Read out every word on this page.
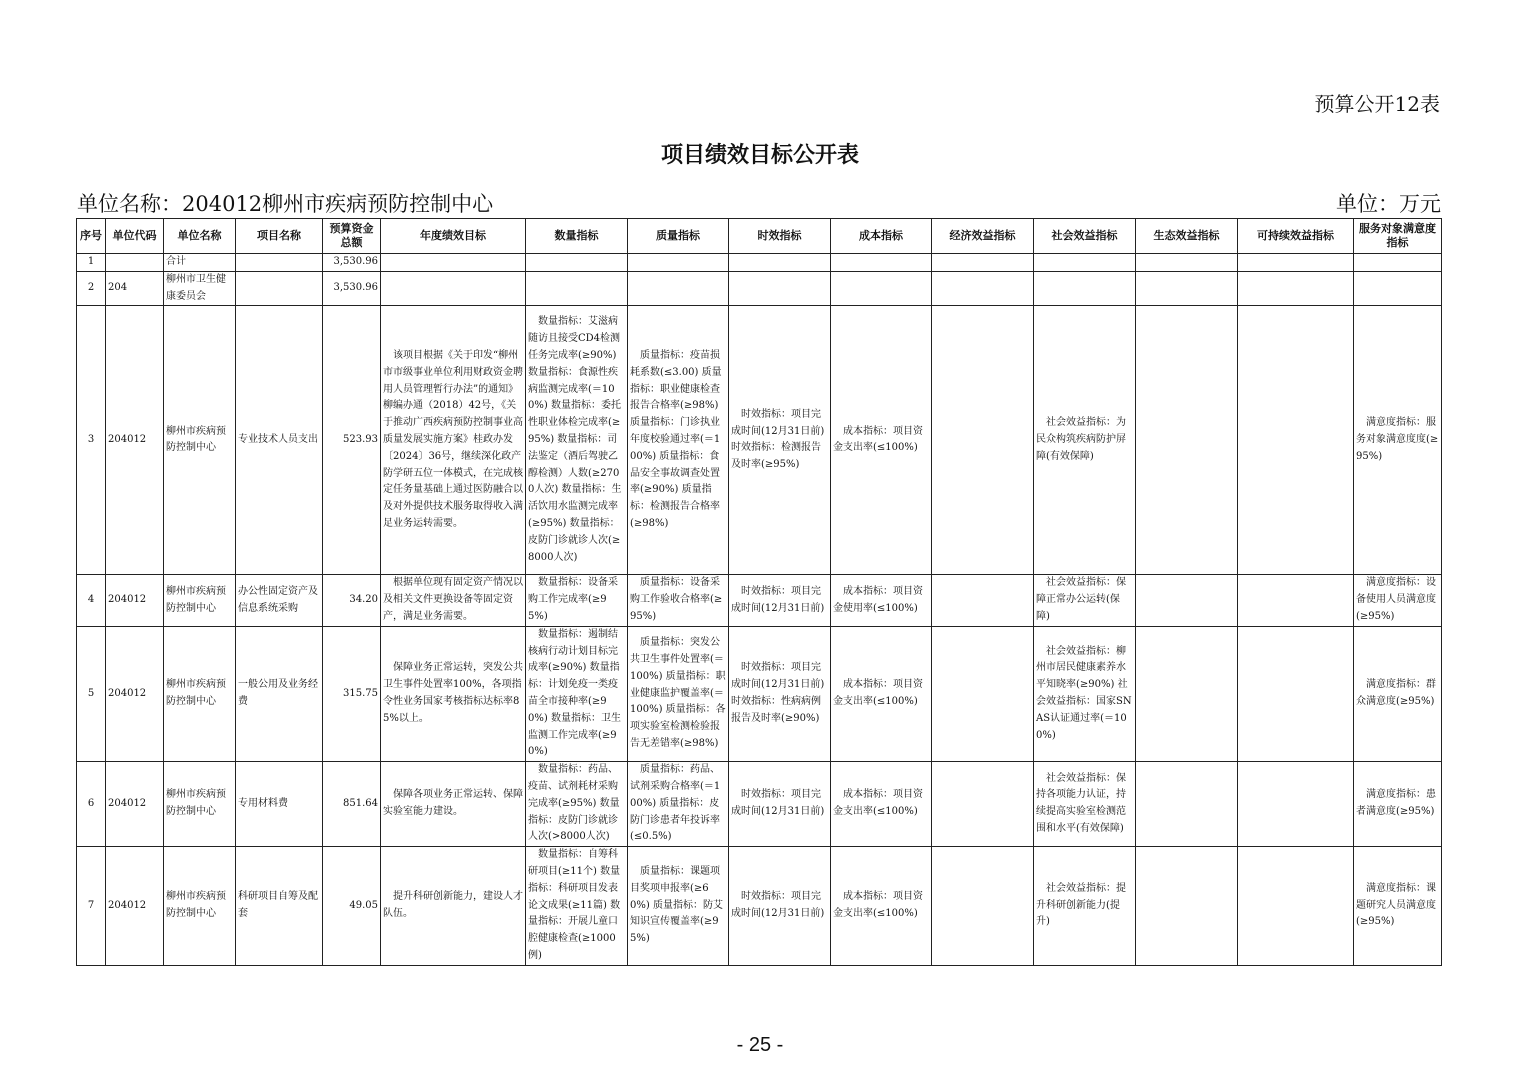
预算公开12表
项目绩效目标公开表
单位名称：204012柳州市疾病预防控制中心	单位：万元
序号	单位代码	单位名称	项目名称	预算资金总额	年度绩效目标	数量指标	质量指标	时效指标	成本指标	经济效益指标	社会效益指标	生态效益指标	可持续效益指标	服务对象满意度指标
1		合计		3,530.96										
2	204	柳州市卫生健康委员会		3,530.96										
3	204012	柳州市疾病预防控制中心	专业技术人员支出	523.93	　该项目根据《关于印发“柳州市市级事业单位利用财政资金聘用人员管理暂行办法”的通知》柳编办通（2018）42号，《关于推动广西疾病预防控制事业高质量发展实施方案》桂政办发〔2024〕36号，继续深化政产防学研五位一体模式，在完成核定任务量基础上通过医防融合以及对外提供技术服务取得收入满足业务运转需要。	　数量指标：艾滋病随访且接受CD4检测任务完成率(≥90%) 数量指标：食源性疾病监测完成率(＝100%) 数量指标：委托性职业体检完成率(≥95%) 数量指标：司法鉴定（酒后驾驶乙醇检测）人数(≥2700人次) 数量指标：生活饮用水监测完成率(≥95%) 数量指标：皮防门诊就诊人次(≥8000人次)	　质量指标：疫苗损耗系数(≤3.00) 质量指标：职业健康检查报告合格率(≥98%) 质量指标：门诊执业年度校验通过率(＝100%) 质量指标：食品安全事故调查处置率(≥90%) 质量指标：检测报告合格率(≥98%)	　时效指标：项目完成时间(12月31日前) 时效指标：检测报告及时率(≥95%)	　成本指标：项目资金支出率(≤100%)		　社会效益指标：为民众构筑疾病防护屏障(有效保障)			　满意度指标：服务对象满意度度(≥95%)
4	204012	柳州市疾病预防控制中心	办公性固定资产及信息系统采购	34.20	　根据单位现有固定资产情况以及相关文件更换设备等固定资产，满足业务需要。	　数量指标：设备采购工作完成率(≥95%)	　质量指标：设备采购工作验收合格率(≥95%)	　时效指标：项目完成时间(12月31日前)	　成本指标：项目资金使用率(≤100%)		　社会效益指标：保障正常办公运转(保障)			　满意度指标：设备使用人员满意度(≥95%)
5	204012	柳州市疾病预防控制中心	一般公用及业务经费	315.75	　保障业务正常运转，突发公共卫生事件处置率100%，各项指令性业务国家考核指标达标率85%以上。	　数量指标：遏制结核病行动计划目标完成率(≥90%) 数量指标：计划免疫一类疫苗全市接种率(≥90%) 数量指标：卫生监测工作完成率(≥90%)	　质量指标：突发公共卫生事件处置率(＝100%) 质量指标：职业健康监护覆盖率(＝100%) 质量指标：各项实验室检测检验报告无差错率(≥98%)	　时效指标：项目完成时间(12月31日前) 时效指标：性病病例报告及时率(≥90%)	　成本指标：项目资金支出率(≤100%)		　社会效益指标：柳州市居民健康素养水平知晓率(≥90%) 社会效益指标：国家SNAS认证通过率(＝100%)			　满意度指标：群众满意度(≥95%)
6	204012	柳州市疾病预防控制中心	专用材料费	851.64	　保障各项业务正常运转、保障实验室能力建设。	　数量指标：药品、疫苗、试剂耗材采购完成率(≥95%) 数量指标：皮防门诊就诊人次(>8000人次)	　质量指标：药品、试剂采购合格率(＝100%) 质量指标：皮防门诊患者年投诉率(≤0.5%)	　时效指标：项目完成时间(12月31日前)	　成本指标：项目资金支出率(≤100%)		　社会效益指标：保持各项能力认证，持续提高实验室检测范围和水平(有效保障)			　满意度指标：患者满意度(≥95%)
7	204012	柳州市疾病预防控制中心	科研项目自筹及配套	49.05	　提升科研创新能力，建设人才队伍。	　数量指标：自筹科研项目(≥11个) 数量指标：科研项目发表论文成果(≥11篇) 数量指标：开展儿童口腔健康检查(≥1000例)	　质量指标：课题项目奖项申报率(≥60%) 质量指标：防艾知识宣传覆盖率(≥95%)	　时效指标：项目完成时间(12月31日前)	　成本指标：项目资金支出率(≤100%)		　社会效益指标：提升科研创新能力(提升)			　满意度指标：课题研究人员满意度(≥95%)
- 25 -
